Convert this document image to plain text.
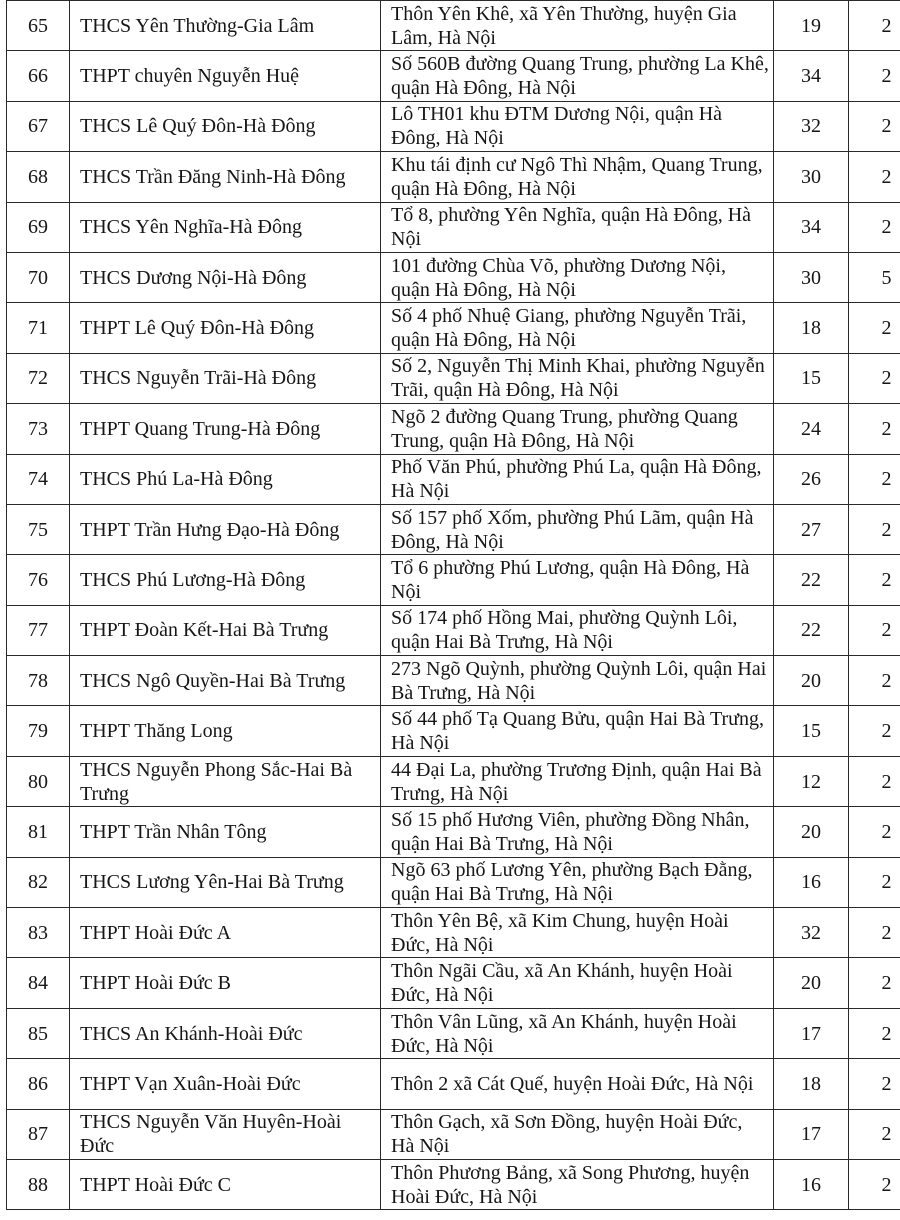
65	THCS Yên Thường-Gia Lâm	Thôn Yên Khê, xã Yên Thường, huyện Gia Lâm, Hà Nội	19	2
66	THPT chuyên Nguyễn Huệ	Số 560B đường Quang Trung, phường La Khê, quận Hà Đông, Hà Nội	34	2
67	THCS Lê Quý Đôn-Hà Đông	Lô TH01 khu ĐTM Dương Nội, quận Hà Đông, Hà Nội	32	2
68	THCS Trần Đăng Ninh-Hà Đông	Khu tái định cư Ngô Thì Nhậm, Quang Trung, quận Hà Đông, Hà Nội	30	2
69	THCS Yên Nghĩa-Hà Đông	Tổ 8, phường Yên Nghĩa, quận Hà Đông, Hà Nội	34	2
70	THCS Dương Nội-Hà Đông	101 đường Chùa Võ, phường Dương Nội, quận Hà Đông, Hà Nội	30	5
71	THPT Lê Quý Đôn-Hà Đông	Số 4 phố Nhuệ Giang, phường Nguyễn Trãi, quận Hà Đông, Hà Nội	18	2
72	THCS Nguyễn Trãi-Hà Đông	Số 2, Nguyễn Thị Minh Khai, phường Nguyễn Trãi, quận Hà Đông, Hà Nội	15	2
73	THPT Quang Trung-Hà Đông	Ngõ 2 đường Quang Trung, phường Quang Trung, quận Hà Đông, Hà Nội	24	2
74	THCS Phú La-Hà Đông	Phố Văn Phú, phường Phú La, quận Hà Đông, Hà Nội	26	2
75	THPT Trần Hưng Đạo-Hà Đông	Số 157 phố Xốm, phường Phú Lãm, quận Hà Đông, Hà Nội	27	2
76	THCS Phú Lương-Hà Đông	Tổ 6 phường Phú Lương, quận Hà Đông, Hà Nội	22	2
77	THPT Đoàn Kết-Hai Bà Trưng	Số 174 phố Hồng Mai, phường Quỳnh Lôi, quận Hai Bà Trưng, Hà Nội	22	2
78	THCS Ngô Quyền-Hai Bà Trưng	273 Ngõ Quỳnh, phường Quỳnh Lôi, quận Hai Bà Trưng, Hà Nội	20	2
79	THPT Thăng Long	Số 44 phố Tạ Quang Bửu, quận Hai Bà Trưng, Hà Nội	15	2
80	THCS Nguyễn Phong Sắc-Hai Bà Trưng	44 Đại La, phường Trương Định, quận Hai Bà Trưng, Hà Nội	12	2
81	THPT Trần Nhân Tông	Số 15 phố Hương Viên, phường Đồng Nhân, quận Hai Bà Trưng, Hà Nội	20	2
82	THCS Lương Yên-Hai Bà Trưng	Ngõ 63 phố Lương Yên, phường Bạch Đằng, quận Hai Bà Trưng, Hà Nội	16	2
83	THPT Hoài Đức A	Thôn Yên Bệ, xã Kim Chung, huyện Hoài Đức, Hà Nội	32	2
84	THPT Hoài Đức B	Thôn Ngãi Cầu, xã An Khánh, huyện Hoài Đức, Hà Nội	20	2
85	THCS An Khánh-Hoài Đức	Thôn Vân Lũng, xã An Khánh, huyện Hoài Đức, Hà Nội	17	2
86	THPT Vạn Xuân-Hoài Đức	Thôn 2 xã Cát Quế, huyện Hoài Đức, Hà Nội	18	2
87	THCS Nguyễn Văn Huyên-Hoài Đức	Thôn Gạch, xã Sơn Đồng, huyện Hoài Đức, Hà Nội	17	2
88	THPT Hoài Đức C	Thôn Phương Bảng, xã Song Phương, huyện Hoài Đức, Hà Nội	16	2
